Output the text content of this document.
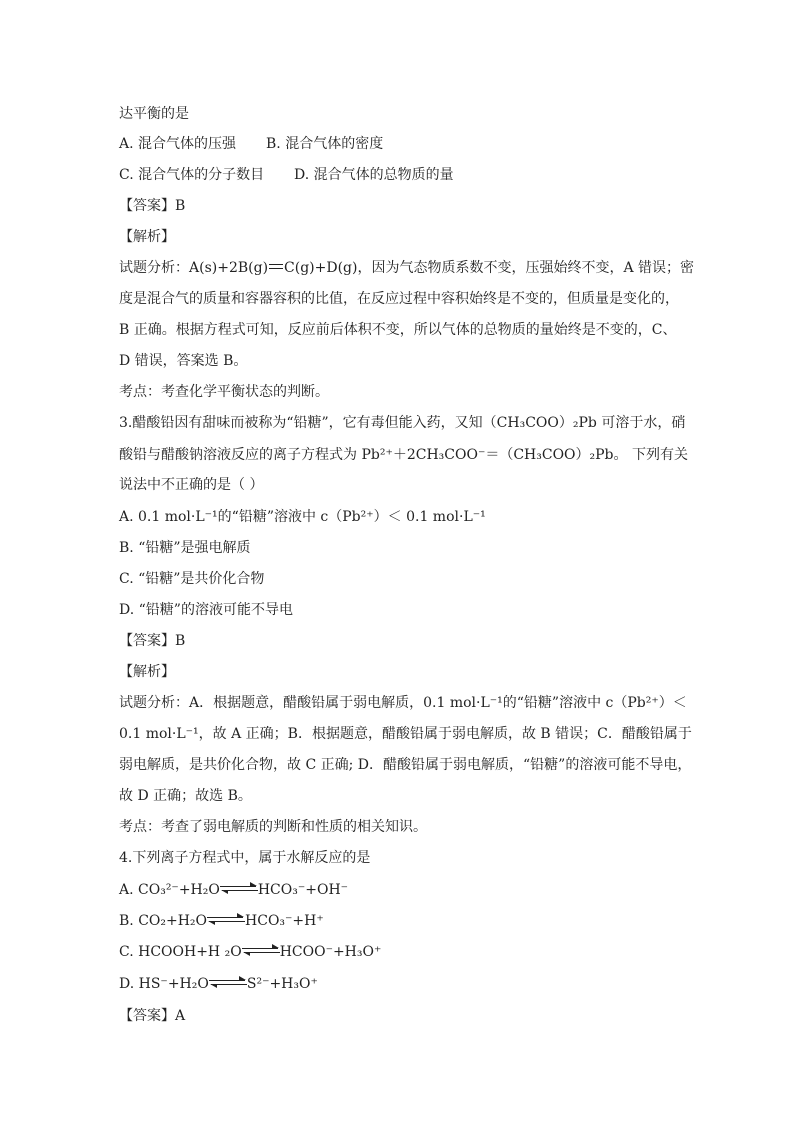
达平衡的是
A. 混合气体的压强 B. 混合气体的密度
C. 混合气体的分子数目 D. 混合气体的总物质的量
【答案】B
【解析】
试题分析：A(s)+2B(g) C(g)+D(g)，因为气态物质系数不变，压强始终不变，A 错误；密
度是混合气的质量和容器容积的比值，在反应过程中容积始终是不变的，但质量是变化的，
B 正确。根据方程式可知，反应前后体积不变，所以气体的总物质的量始终是不变的，C、
D 错误，答案选 B。
考点：考查化学平衡状态的判断。
3.醋酸铅因有甜味而被称为“铅糖”，它有毒但能入药，又知（CH₃COO）₂Pb 可溶于水，硝
酸铅与醋酸钠溶液反应的离子方程式为 Pb²⁺＋2CH₃COO⁻＝（CH₃COO）₂Pb。 下列有关
说法中不正确的是（ ）
A. 0.1 mol·L⁻¹的“铅糖”溶液中 c（Pb²⁺）＜ 0.1 mol·L⁻¹
B. “铅糖”是强电解质
C. “铅糖”是共价化合物
D. “铅糖”的溶液可能不导电
【答案】B
【解析】
试题分析：A．根据题意，醋酸铅属于弱电解质，0.1 mol·L⁻¹的“铅糖”溶液中 c（Pb²⁺）＜
0.1 mol·L⁻¹，故 A 正确；B．根据题意，醋酸铅属于弱电解质，故 B 错误；C．醋酸铅属于
弱电解质，是共价化合物，故 C 正确; D．醋酸铅属于弱电解质，“铅糖”的溶液可能不导电，
故 D 正确；故选 B。
考点：考查了弱电解质的判断和性质的相关知识。
4.下列离子方程式中，属于水解反应的是
A. CO₃²⁻+H₂O⇌HCO₃⁻+OH⁻
B. CO₂+H₂O⇌HCO₃⁻+H⁺
C. HCOOH+H ₂O⇌HCOO⁻+H₃O⁺
D. HS⁻+H₂O⇌S²⁻+H₃O⁺
【答案】A
